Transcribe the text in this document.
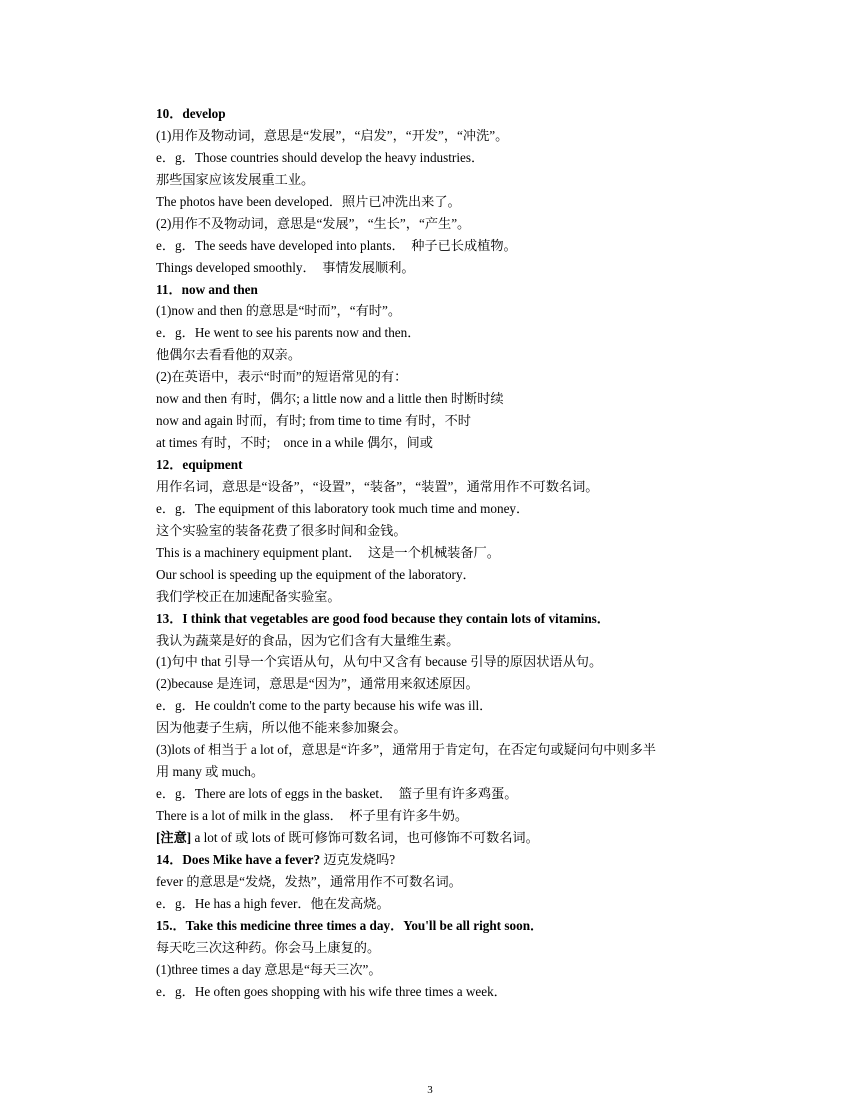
10．develop
(1)用作及物动词，意思是“发展”，“启发”，“开发”，“冲洗”。
e．g．Those countries should develop the heavy industries．
那些国家应该发展重工业。
The photos have been developed．照片已冲洗出来了。
(2)用作不及物动词，意思是“发展”，“生长”，“产生”。
e．g．The seeds have developed into plants．　种子已长成植物。
Things developed smoothly．　事情发展顺利。
11．now and then
(1)now and then 的意思是“时而”，“有时”。
e．g．He went to see his parents now and then．
他偶尔去看看他的双亲。
(2)在英语中，表示“时而”的短语常见的有：
now and then 有时，偶尔; a little now and a little then 时断时续
now and again 时而，有时; from time to time 有时，不时
at times 有时，不时;　once in a while 偶尔，间或
12．equipment
用作名词，意思是“设备”，“设置”，“装备”，“装置”，通常用作不可数名词。
e．g．The equipment of this laboratory took much time and money．
这个实验室的装备花费了很多时间和金钱。
This is a machinery equipment plant．　这是一个机械装备厂。
Our school is speeding up the equipment of the laboratory．
我们学校正在加速配备实验室。
13．I think that vegetables are good food because they contain lots of vitamins．
我认为蔬菜是好的食品，因为它们含有大量维生素。
(1)句中 that 引导一个宾语从句，从句中又含有 because 引导的原因状语从句。
(2)because 是连词，意思是“因为”，通常用来叙述原因。
e．g．He couldn't come to the party because his wife was ill．
因为他妻子生病，所以他不能来参加聚会。
(3)lots of 相当于 a lot of，意思是“许多”，通常用于肯定句，在否定句或疑问句中则多半
用 many 或 much。
e．g．There are lots of eggs in the basket．　篮子里有许多鸡蛋。
There is a lot of milk in the glass．　杯子里有许多牛奶。
[注意] a lot of 或 lots of 既可修饰可数名词，也可修饰不可数名词。
14．Does Mike have a fever? 迈克发烧吗?
fever 的意思是“发烧，发热”，通常用作不可数名词。
e．g．He has a high fever．他在发高烧。
15.．Take this medicine three times a day．You'll be all right soon．
每天吃三次这种药。你会马上康复的。
(1)three times a day 意思是“每天三次”。
e．g．He often goes shopping with his wife three times a week．
3
